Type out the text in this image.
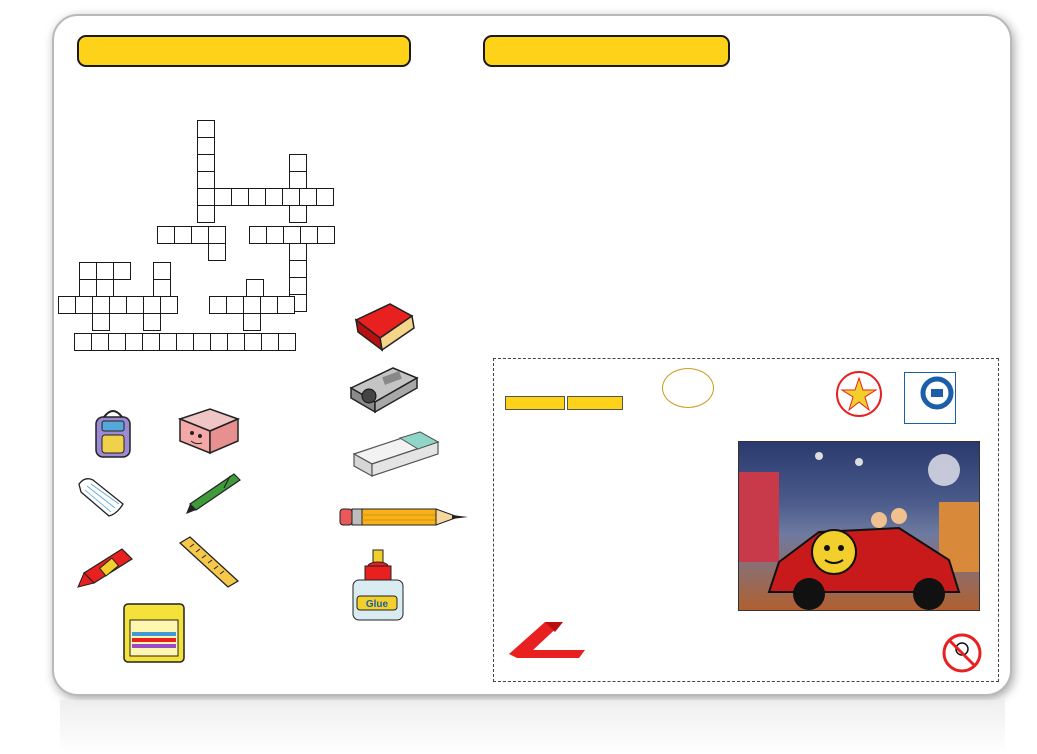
Glue
